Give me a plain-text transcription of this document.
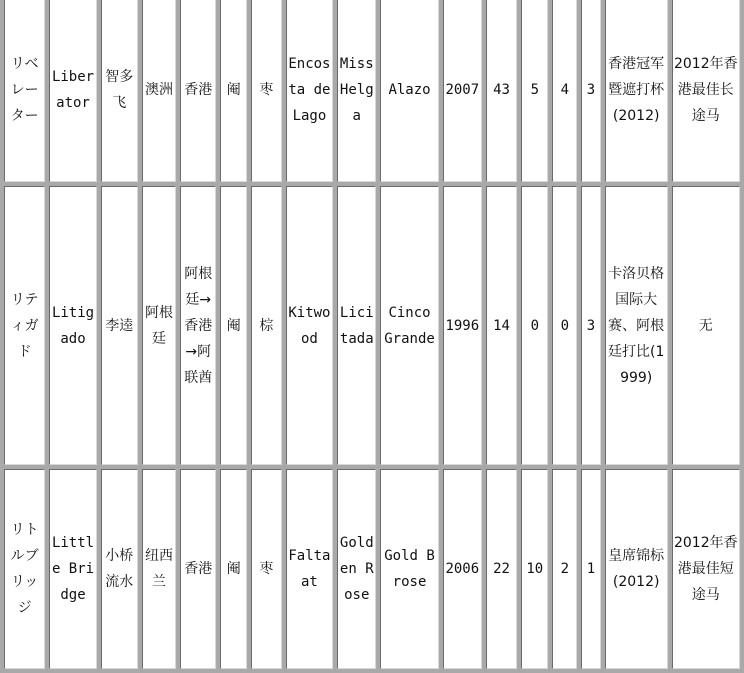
リベレーター	Liberator	智多飞	澳洲	香港	阉	枣	Encosta de Lago	Miss Helga	Alazo	2007	43	5	4	3	香港冠军暨遮打杯(2012)	2012年香港最佳长途马
リティガド	Litigado	李逵	阿根廷	阿根廷→香港→阿联酋	阉	棕	Kitwood	Licitada	Cinco Grande	1996	14	0	0	3	卡洛贝格国际大赛、阿根廷打比(1999)	无
リトルブリッジ	Little Bridge	小桥流水	纽西兰	香港	阉	枣	Faltaat	Golden Rose	Gold Brose	2006	22	10	2	1	皇席锦标(2012)	2012年香港最佳短途马
